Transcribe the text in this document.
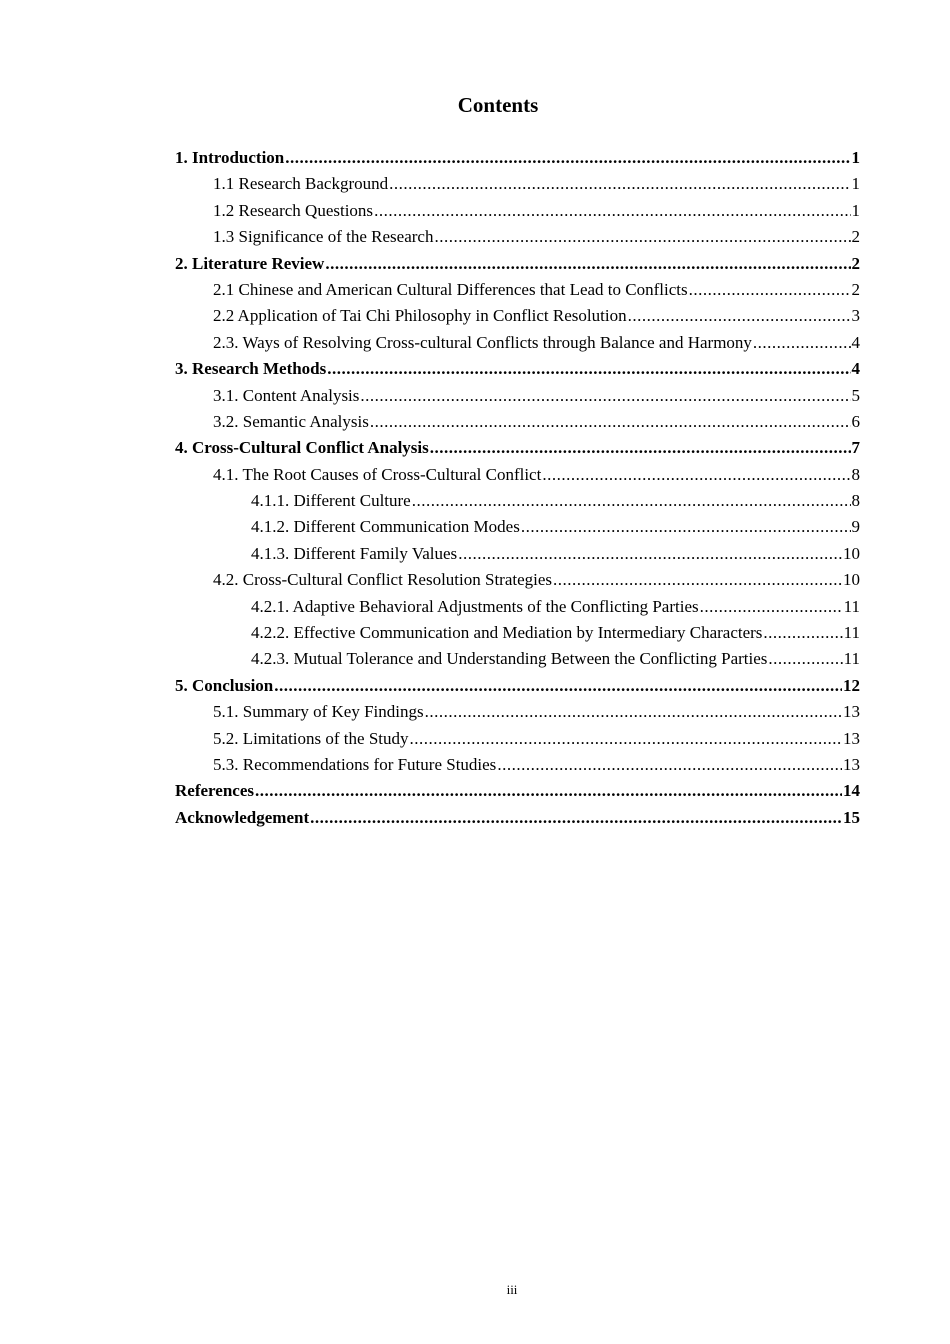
Contents
1. Introduction .....	1
1.1 Research Background .....	1
1.2 Research Questions .....	1
1.3 Significance of the Research .....	2
2. Literature Review .....	2
2.1 Chinese and American Cultural Differences that Lead to Conflicts .....	2
2.2 Application of Tai Chi Philosophy in Conflict Resolution .....	3
2.3. Ways of Resolving Cross-cultural Conflicts through Balance and Harmony .....	4
3. Research Methods .....	4
3.1. Content Analysis .....	5
3.2. Semantic Analysis .....	6
4. Cross-Cultural Conflict Analysis .....	7
4.1. The Root Causes of Cross-Cultural Conflict .....	8
4.1.1. Different Culture .....	8
4.1.2. Different Communication Modes .....	9
4.1.3. Different Family Values .....	10
4.2. Cross-Cultural Conflict Resolution Strategies .....	10
4.2.1. Adaptive Behavioral Adjustments of the Conflicting Parties .....	11
4.2.2. Effective Communication and Mediation by Intermediary Characters .....	11
4.2.3. Mutual Tolerance and Understanding Between the Conflicting Parties .....	11
5. Conclusion .....	12
5.1. Summary of Key Findings .....	13
5.2. Limitations of the Study .....	13
5.3. Recommendations for Future Studies .....	13
References .....	14
Acknowledgement .....	15
iii
